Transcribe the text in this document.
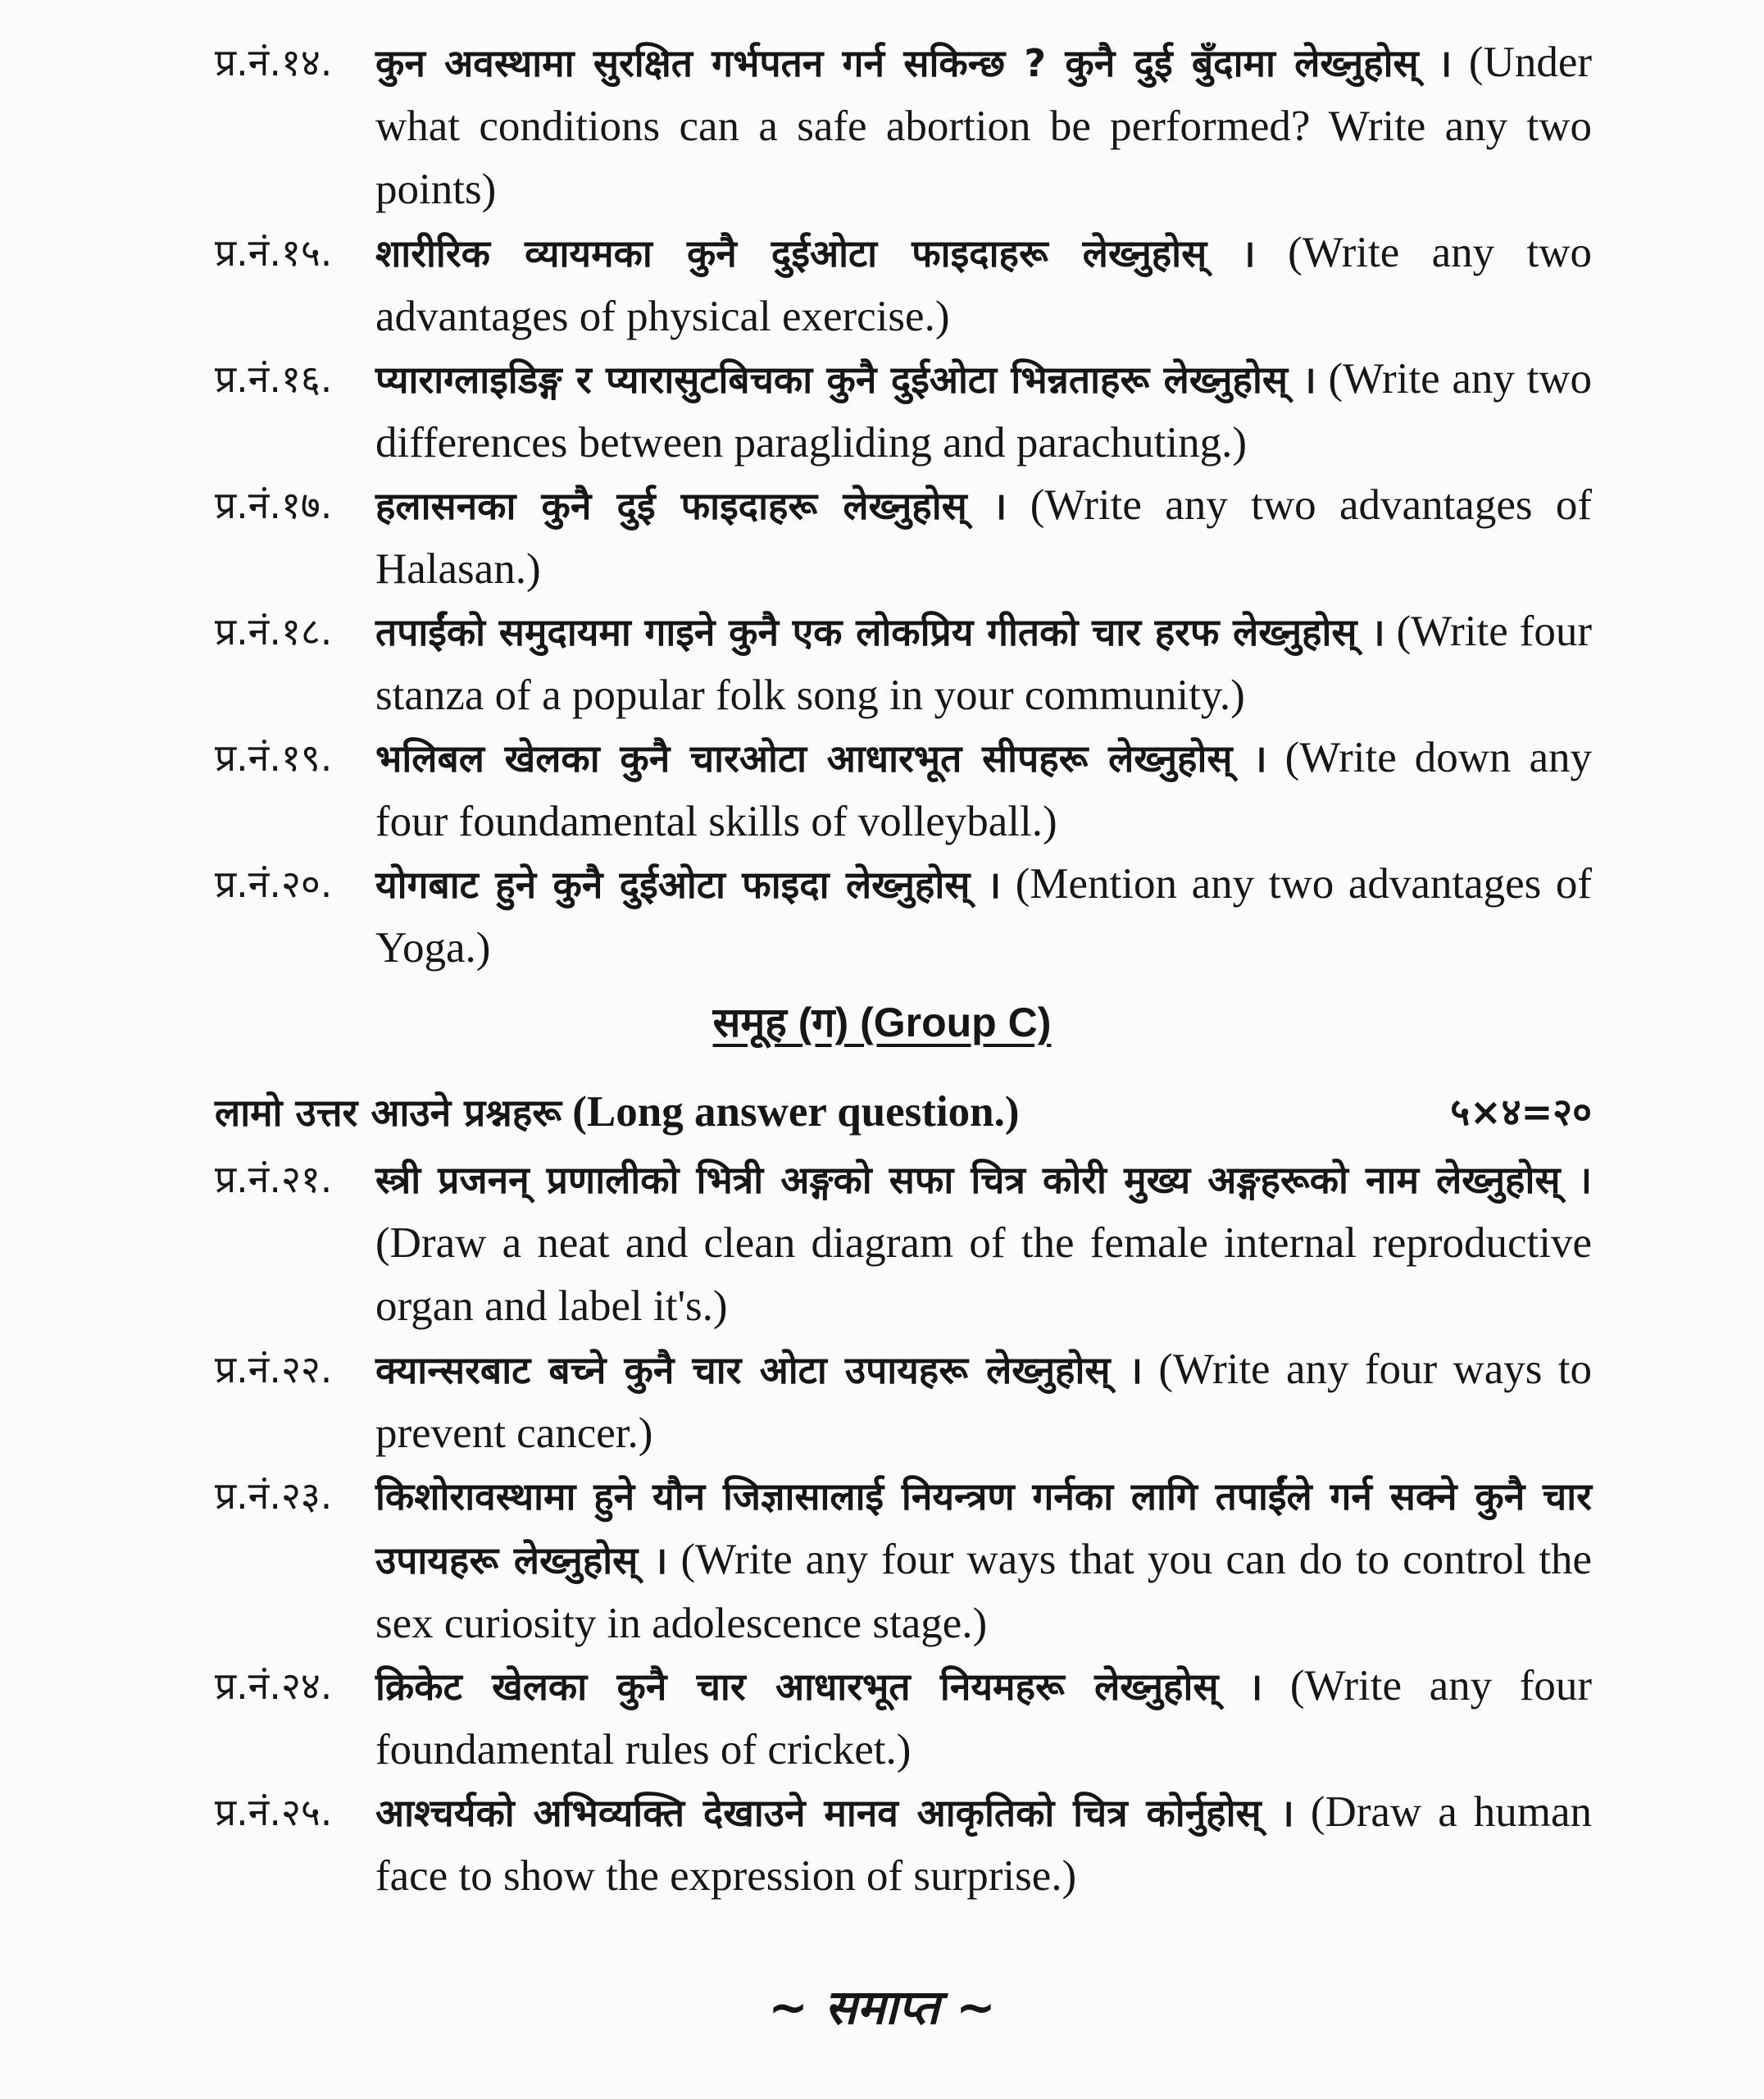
प्र.नं.१४. कुन अवस्थामा सुरक्षित गर्भपतन गर्न सकिन्छ ? कुनै दुई बुँदामा लेख्नुहोस् । (Under what conditions can a safe abortion be performed? Write any two points)
प्र.नं.१५. शारीरिक व्यायमका कुनै दुईओटा फाइदाहरू लेख्नुहोस् । (Write any two advantages of physical exercise.)
प्र.नं.१६. प्याराग्लाइडिङ्ग र प्यारासुटबिचका कुनै दुईओटा भिन्नताहरू लेख्नुहोस् । (Write any two differences between paragliding and parachuting.)
प्र.नं.१७. हलासनका कुनै दुई फाइदाहरू लेख्नुहोस् । (Write any two advantages of Halasan.)
प्र.नं.१८. तपाईंको समुदायमा गाइने कुनै एक लोकप्रिय गीतको चार हरफ लेख्नुहोस् । (Write four stanza of a popular folk song in your community.)
प्र.नं.१९. भलिबल खेलका कुनै चारओटा आधारभूत सीपहरू लेख्नुहोस् । (Write down any four foundamental skills of volleyball.)
प्र.नं.२०. योगबाट हुने कुनै दुईओटा फाइदा लेख्नुहोस् । (Mention any two advantages of Yoga.)
समूह (ग) (Group C)
लामो उत्तर आउने प्रश्नहरू (Long answer question.)	५×४=२०
प्र.नं.२१. स्त्री प्रजनन् प्रणालीको भित्री अङ्गको सफा चित्र कोरी मुख्य अङ्गहरूको नाम लेख्नुहोस् । (Draw a neat and clean diagram of the female internal reproductive organ and label it's.)
प्र.नं.२२. क्यान्सरबाट बच्ने कुनै चार ओटा उपायहरू लेख्नुहोस् । (Write any four ways to prevent cancer.)
प्र.नं.२३. किशोरावस्थामा हुने यौन जिज्ञासालाई नियन्त्रण गर्नका लागि तपाईंले गर्न सक्ने कुनै चार उपायहरू लेख्नुहोस् । (Write any four ways that you can do to control the sex curiosity in adolescence stage.)
प्र.नं.२४. क्रिकेट खेलका कुनै चार आधारभूत नियमहरू लेख्नुहोस् । (Write any four foundamental rules of cricket.)
प्र.नं.२५. आश्चर्यको अभिव्यक्ति देखाउने मानव आकृतिको चित्र कोर्नुहोस् । (Draw a human face to show the expression of surprise.)
~ समाप्त ~
